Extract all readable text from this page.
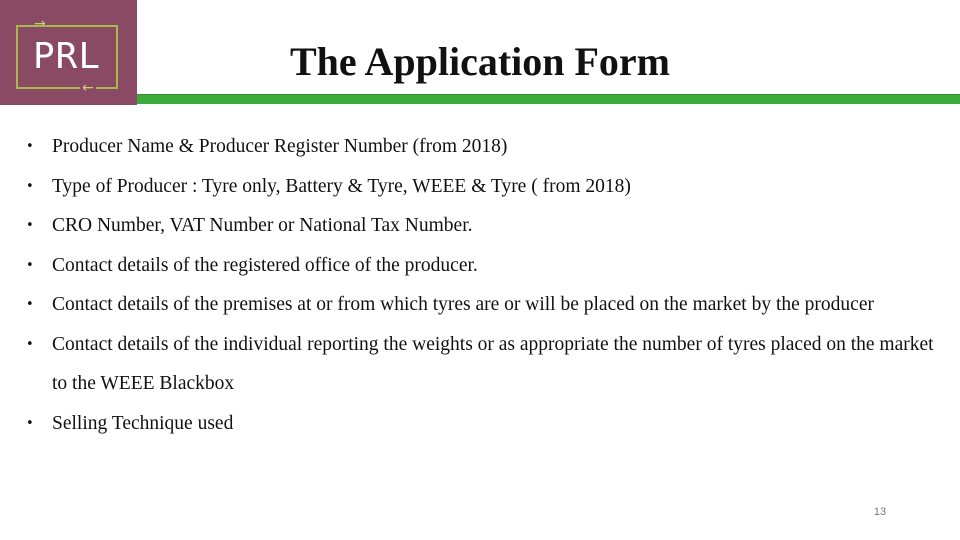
→
PRL
←
The Application Form
• Producer Name & Producer Register Number (from 2018)
• Type of Producer : Tyre only, Battery & Tyre, WEEE & Tyre ( from 2018)
• CRO Number, VAT Number or National Tax Number.
• Contact details of the registered office of the producer.
• Contact details of the premises at or from which tyres are or will be placed on the market by the producer
• Contact details of the individual reporting the weights or as appropriate the number of tyres placed on the market to the WEEE Blackbox
• Selling Technique used
13
